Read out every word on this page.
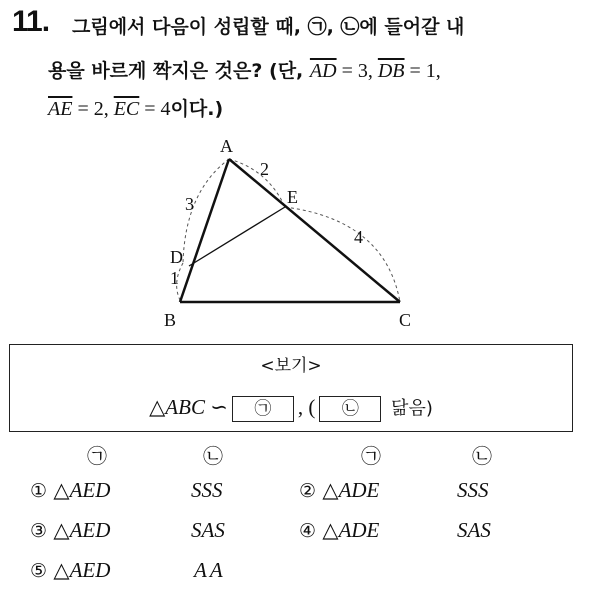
11. 그림에서 다음이 성립할 때, ㉠, ㉡에 들어갈 내
용을 바르게 짝지은 것은? (단, $\overline{AD} = 3$, $\overline{DB} = 1$,
$\overline{AE} = 2$, $\overline{EC} = 4$이다.)
A
B	C
D
E
3
2
1
4
<보기>
△ABC ∽ ㉠ , ( ㉡ 닮음)
㉠	㉡	㉠	㉡
① △AED	SSS	② △ADE	SSS
③ △AED	SAS	④ △ADE	SAS
⑤ △AED	AA
